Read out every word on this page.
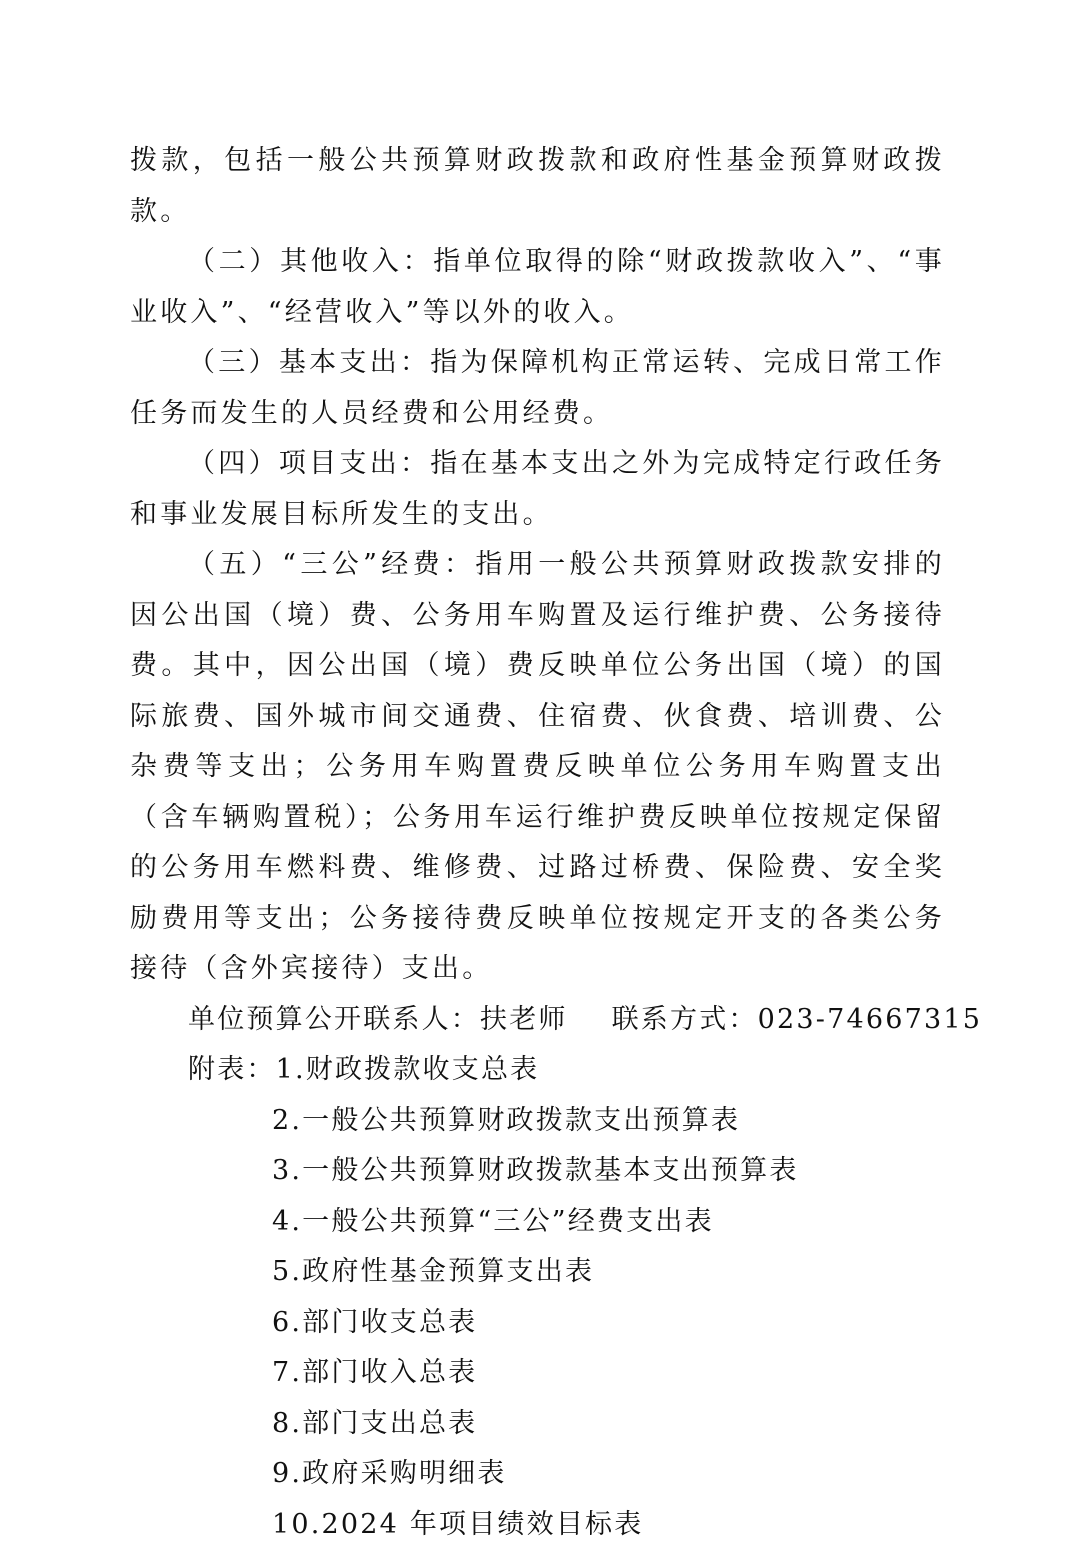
拨款，包括一般公共预算财政拨款和政府性基金预算财政拨款。

（二）其他收入：指单位取得的除“财政拨款收入”、“事业收入”、“经营收入”等以外的收入。

（三）基本支出：指为保障机构正常运转、完成日常工作任务而发生的人员经费和公用经费。

（四）项目支出：指在基本支出之外为完成特定行政任务和事业发展目标所发生的支出。

（五）“三公”经费：指用一般公共预算财政拨款安排的因公出国（境）费、公务用车购置及运行维护费、公务接待费。其中，因公出国（境）费反映单位公务出国（境）的国际旅费、国外城市间交通费、住宿费、伙食费、培训费、公杂费等支出；公务用车购置费反映单位公务用车购置支出（含车辆购置税）；公务用车运行维护费反映单位按规定保留的公务用车燃料费、维修费、过路过桥费、保险费、安全奖励费用等支出；公务接待费反映单位按规定开支的各类公务接待（含外宾接待）支出。

单位预算公开联系人：扶老师 联系方式：023-74667315

附表：1.财政拨款收支总表

2.一般公共预算财政拨款支出预算表
3.一般公共预算财政拨款基本支出预算表
4.一般公共预算“三公”经费支出表
5.政府性基金预算支出表
6.部门收支总表
7.部门收入总表
8.部门支出总表
9.政府采购明细表
10.2024 年项目绩效目标表
